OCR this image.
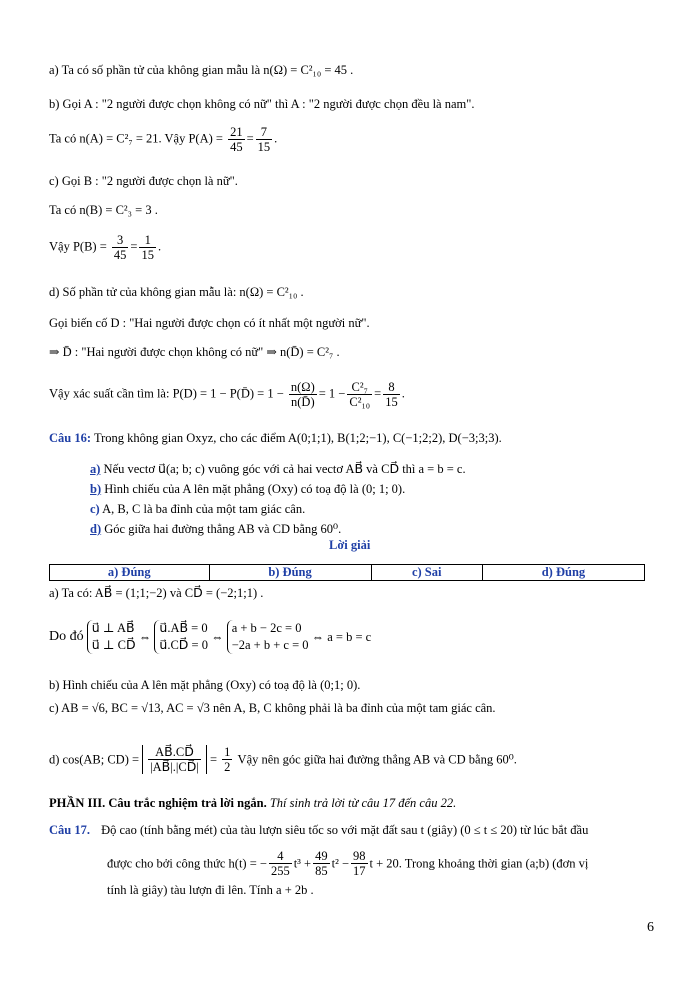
a) Ta có số phần tử của không gian mẫu là n(Ω) = C²₁₀ = 45 .
b) Gọi A : "2 người được chọn không có nữ" thì A : "2 người được chọn đều là nam".
Ta có n(A) = C²₇ = 21. Vậy $P(A) = \frac{21}{45} = \frac{7}{15}$ .
c) Gọi B : "2 người được chọn là nữ".
Ta có n(B) = C²₃ = 3 .
Vậy $P(B) = \frac{3}{45} = \frac{1}{15}$ .
d) Số phần tử của không gian mẫu là: n(Ω) = C²₁₀ .
Gọi biến cố D : "Hai người được chọn có ít nhất một người nữ".
⇒ D̄ : "Hai người được chọn không có nữ" ⇒ n(D̄) = C²₇ .
Vậy xác suất cần tìm là: P(D) = 1 − P(D̄) = $1 - \frac{n(\Omega)}{n(D̄)} = 1 - \frac{\text{C²₇}}{\text{C²₁₀}} = \frac{8}{15}$ .
Câu 16: Trong không gian Oxyz, cho các điểm A(0;1;1), B(1;2;−1), C(−1;2;2), D(−3;3;3).
a) Nếu vectơ u⃗(a; b; c) vuông góc với cả hai vectơ AB⃗ và CD⃗ thì a = b = c.
b) Hình chiếu của A lên mặt phẳng (Oxy) có toạ độ là (0; 1; 0).
c) A, B, C là ba đỉnh của một tam giác cân.
d) Góc giữa hai đường thẳng AB và CD bằng 60⁰.
Lời giải
a) Đúng	b) Đúng	c) Sai	d) Đúng
a) Ta có: AB⃗ = (1;1;−2) và CD⃗ = (−2;1;1) .
Do đó
u⃗ ⊥ AB⃗
u⃗ ⊥ CD⃗
⇔
u⃗.AB⃗ = 0
u⃗.CD⃗ = 0
⇔
a + b − 2c = 0
−2a + b + c = 0
⇔ a = b = c
b) Hình chiếu của A lên mặt phẳng (Oxy) có toạ độ là (0;1; 0).
c) AB = √6, BC = √13, AC = √3 nên A, B, C không phải là ba đỉnh của một tam giác cân.
d) cos(AB; $CD) = \frac{AB⃗.CD⃗}{|AB⃗|.|CD⃗|} = \frac{1}{2}$ Vậy nên góc giữa hai đường thẳng AB và CD bằng 60⁰.
PHẦN III. Câu trắc nghiệm trả lời ngắn. Thí sinh trả lời từ câu 17 đến câu 22.
Câu 17. Độ cao (tính bằng mét) của tàu lượn siêu tốc so với mặt đất sau t (giây) (0 ≤ t ≤ 20) từ lúc bắt đầu
được cho bởi công thức h(t) = − $\frac{4}{255} t^3 + \frac{49}{85} t^2 - \frac{98}{17}$ t + 20. Trong khoảng thời gian (a;b) (đơn vị
tính là giây) tàu lượn đi lên. Tính a + 2b .
6
